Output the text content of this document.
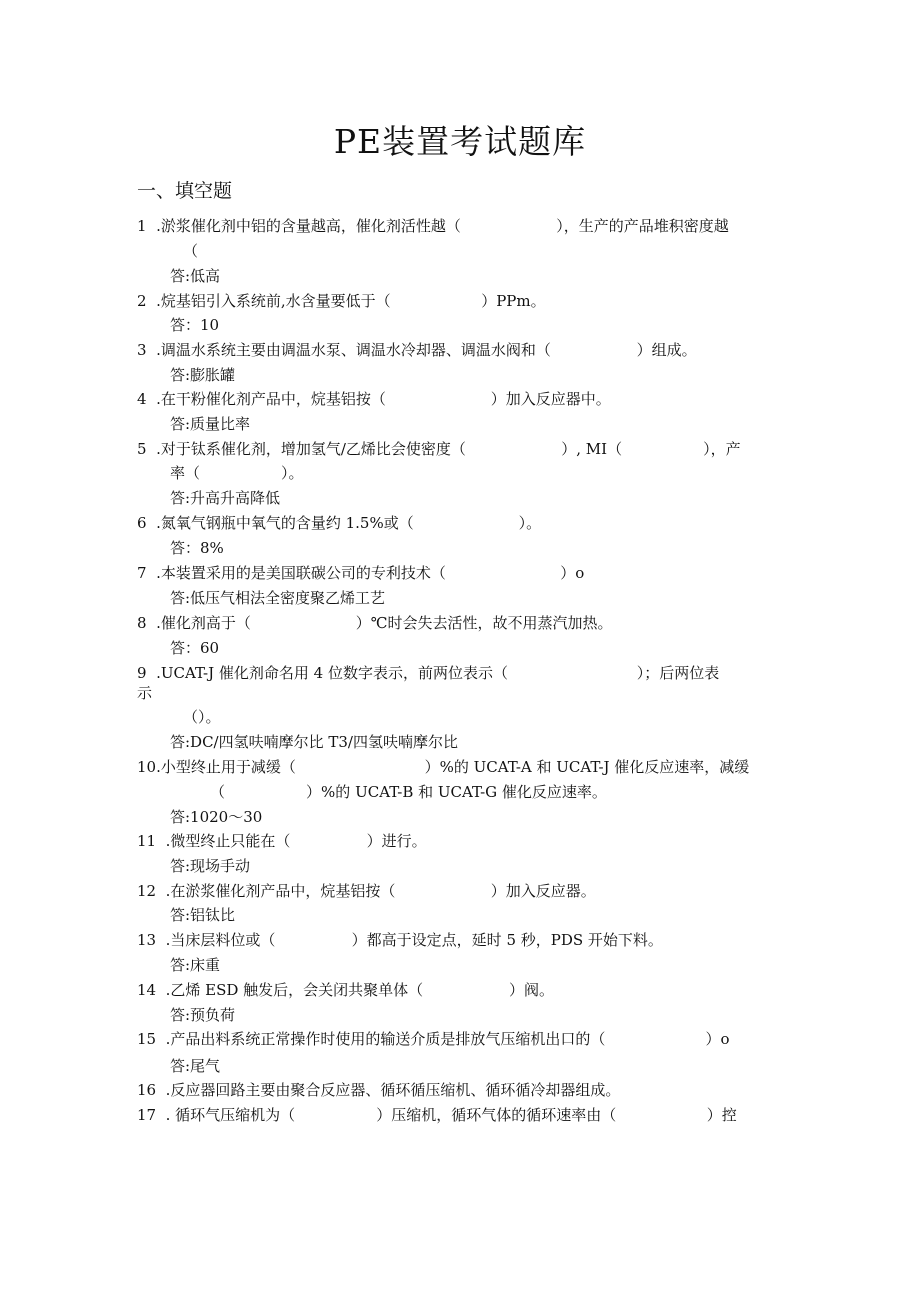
PE装置考试题库
一、填空题
1  .淤浆催化剂中铝的含量越高，催化剂活性越（                    ），生产的产品堆积密度越
（
答:低高
2  .烷基铝引入系统前,水含量要低于（                   ）PPm。
答：10
3  .调温水系统主要由调温水泵、调温水冷却器、调温水阀和（                  ）组成。
答:膨胀罐
4  .在干粉催化剂产品中，烷基铝按（                      ）加入反应器中。
答:质量比率
5  .对于钛系催化剂，增加氢气/乙烯比会使密度（                    ）, MI（                 ），产
率（                 ）。
答:升高升高降低
6  .氮氧气钢瓶中氧气的含量约 1.5%或（                      ）。
答：8%
7  .本装置采用的是美国联碳公司的专利技术（                        ）o
答:低压气相法全密度聚乙烯工艺
8  .催化剂高于（                      ）℃时会失去活性，故不用蒸汽加热。
答：60
9  .UCAT-J 催化剂命名用 4 位数字表示，前两位表示（                           ）；后两位表
示
（）。
答:DC/四氢呋喃摩尔比 T3/四氢呋喃摩尔比
10.小型终止用于减缓（                           ）%的 UCAT-A 和 UCAT-J 催化反应速率，减缓
（                 ）%的 UCAT-B 和 UCAT-G 催化反应速率。
答:1020～30
11  .微型终止只能在（                ）进行。
答:现场手动
12  .在淤浆催化剂产品中，烷基铝按（                    ）加入反应器。
答:铝钛比
13  .当床层料位或（                ）都高于设定点，延时 5 秒，PDS 开始下料。
答:床重
14  .乙烯 ESD 触发后，会关闭共聚单体（                  ）阀。
答:预负荷
15  .产品出料系统正常操作时使用的输送介质是排放气压缩机出口的（                     ）o
答:尾气
16  .反应器回路主要由聚合反应器、循环循压缩机、循环循冷却器组成。
17  . 循环气压缩机为（                 ）压缩机，循环气体的循环速率由（                   ）控
